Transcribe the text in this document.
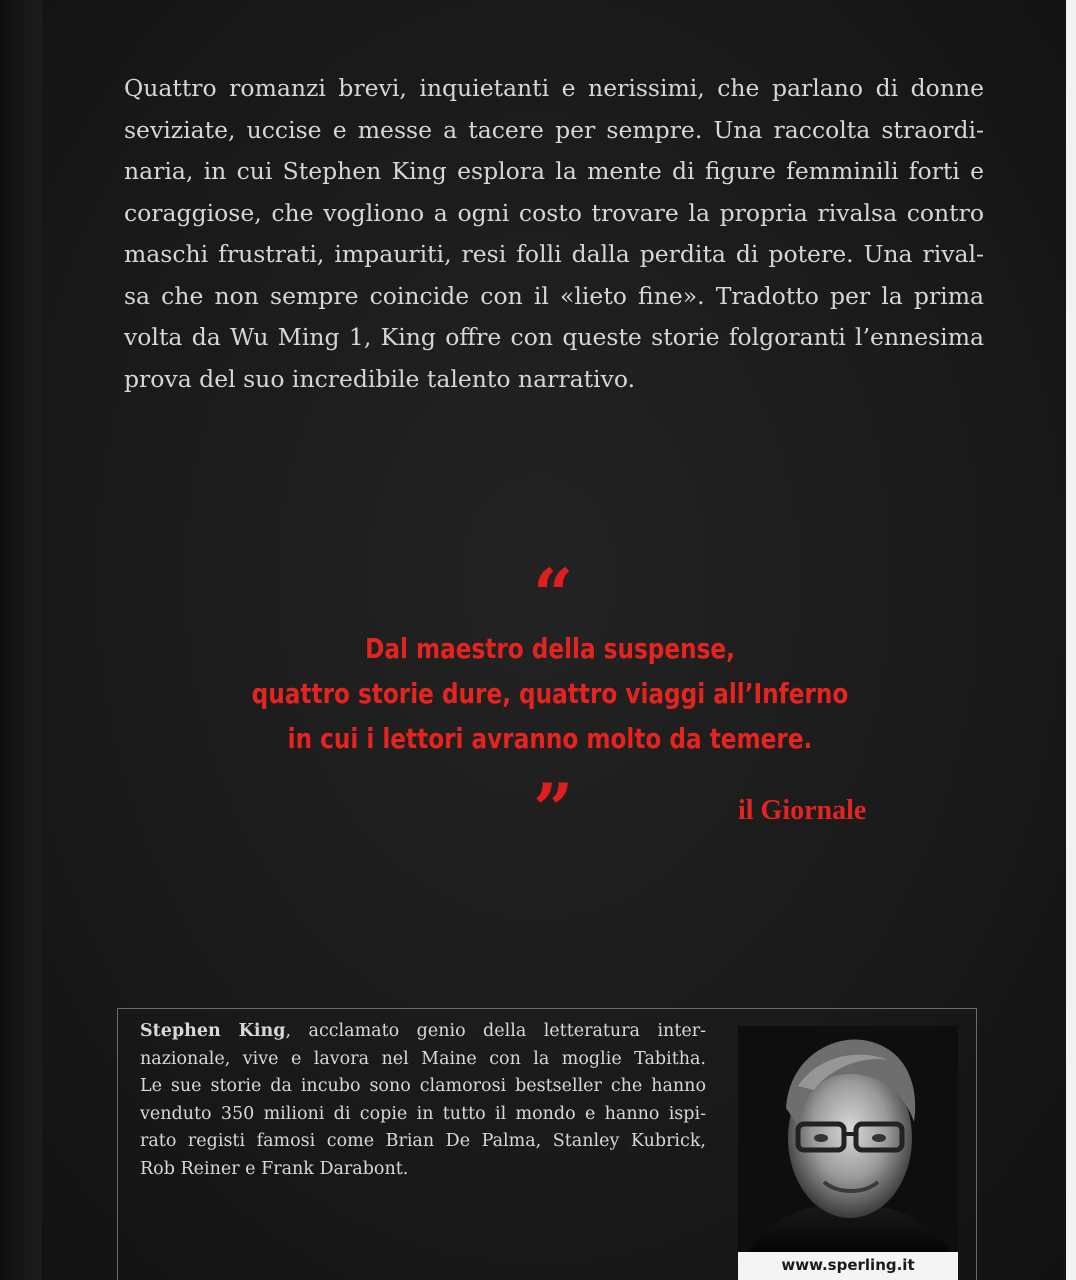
Quattro romanzi brevi, inquietanti e nerissimi, che parlano di donne
seviziate, uccise e messe a tacere per sempre. Una raccolta straordi-
naria, in cui Stephen King esplora la mente di figure femminili forti e
coraggiose, che vogliono a ogni costo trovare la propria rivalsa contro
maschi frustrati, impauriti, resi folli dalla perdita di potere. Una rival-
sa che non sempre coincide con il «lieto fine». Tradotto per la prima
volta da Wu Ming 1, King offre con queste storie folgoranti l’ennesima
prova del suo incredibile talento narrativo.

“
Dal maestro della suspense,
quattro storie dure, quattro viaggi all’Inferno
in cui i lettori avranno molto da temere.
”	il Giornale

Stephen King, acclamato genio della letteratura inter-
nazionale, vive e lavora nel Maine con la moglie Tabitha.
Le sue storie da incubo sono clamorosi bestseller che hanno
venduto 350 milioni di copie in tutto il mondo e hanno ispi-
rato registi famosi come Brian De Palma, Stanley Kubrick,
Rob Reiner e Frank Darabont.

www.sperling.it
